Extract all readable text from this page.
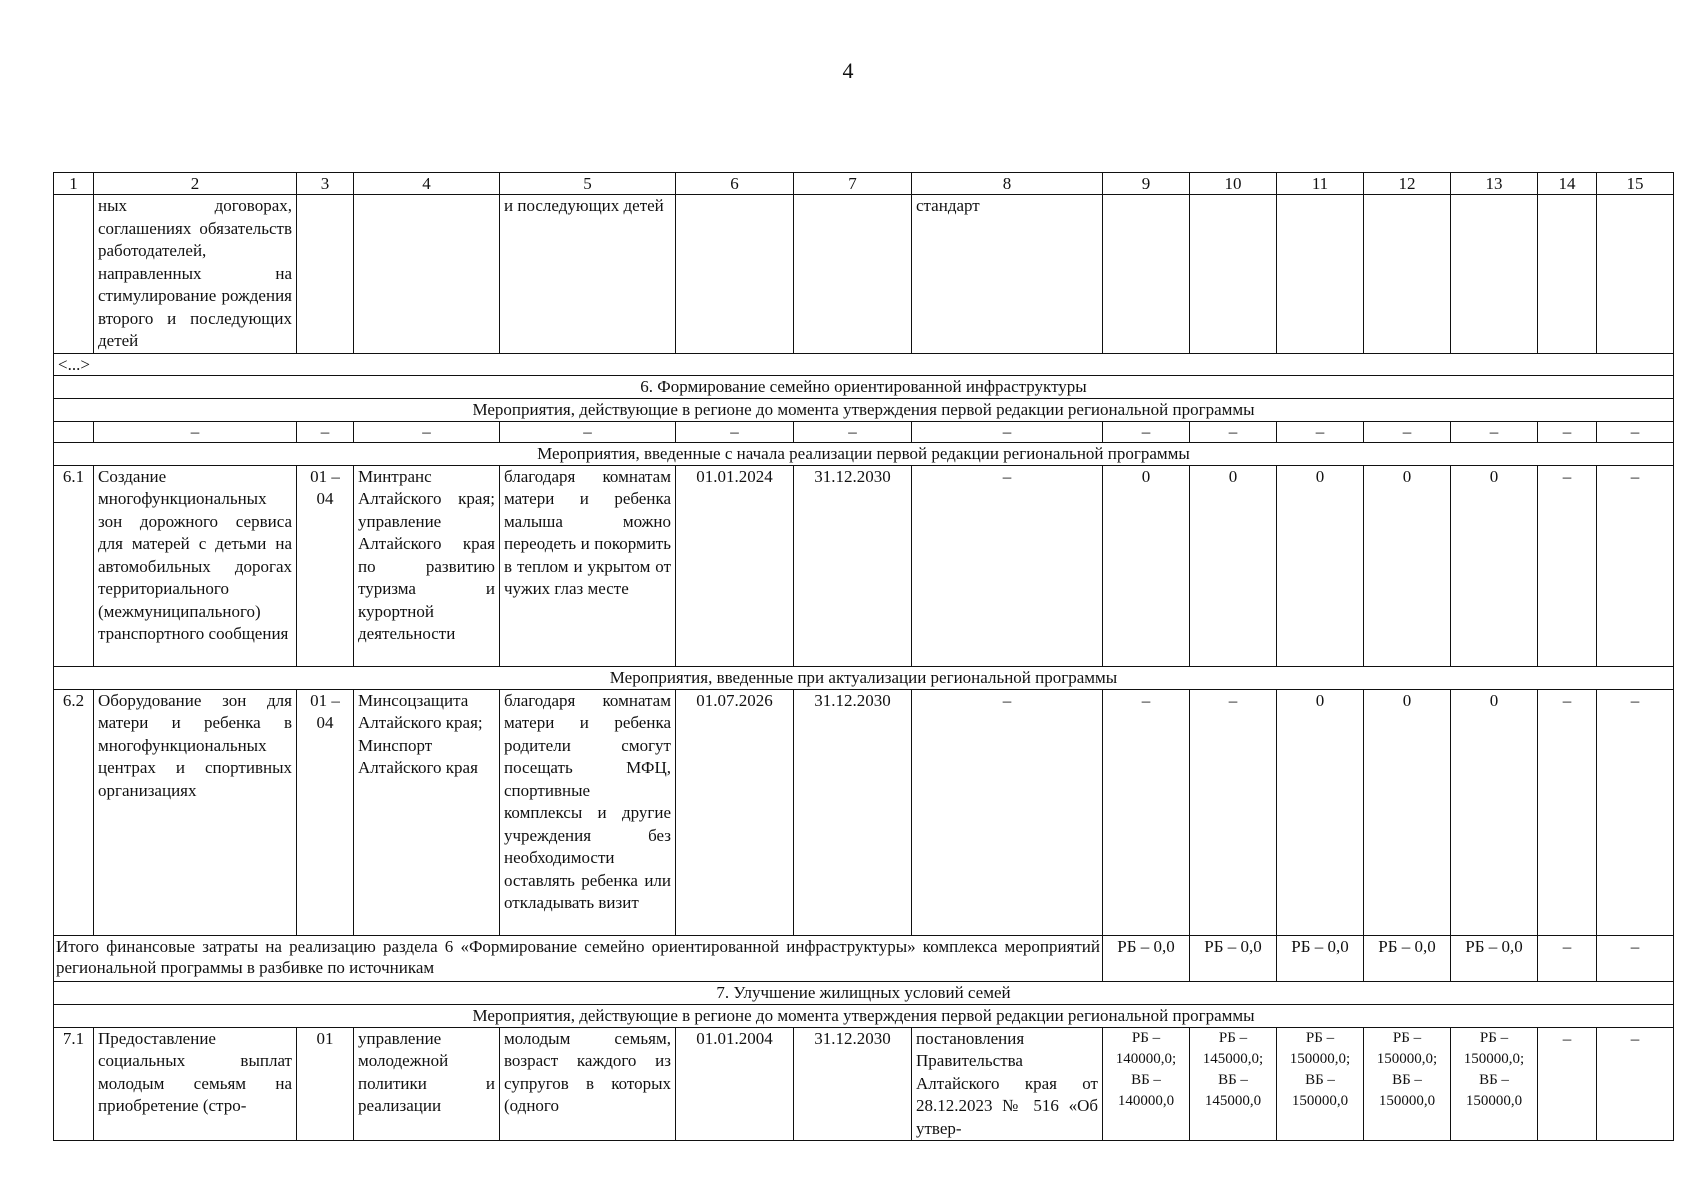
4
1	2	3	4	5	6	7	8	9	10	11	12	13	14	15
	ных договорах, соглашениях обязательств работодателей, направленных на стимулирование рождения второго и последующих детей			и последующих детей			стандарт							
<...>														
6. Формирование семейно ориентированной инфраструктуры														
Мероприятия, действующие в регионе до момента утверждения первой редакции региональной программы														
	–	–	–	–	–	–	–	–	–	–	–	–	–	–
Мероприятия, введенные с начала реализации первой редакции региональной программы														
6.1	Создание многофункциональных зон дорожного сервиса для матерей с детьми на автомобильных дорогах территориального (межмуниципального) транспортного сообщения	01 – 04	Минтранс Алтайского края; управление Алтайского края по развитию туризма и курортной деятельности	благодаря комнатам матери и ребенка малыша можно переодеть и покормить в теплом и укрытом от чужих глаз месте	01.01.2024	31.12.2030	–	0	0	0	0	0	–	–
Мероприятия, введенные при актуализации региональной программы														
6.2	Оборудование зон для матери и ребенка в многофункциональных центрах и спортивных организациях	01 – 04	Минсоцзащита Алтайского края; Минспорт Алтайского края	благодаря комнатам матери и ребенка родители смогут посещать МФЦ, спортивные комплексы и другие учреждения без необходимости оставлять ребенка или откладывать визит	01.07.2026	31.12.2030	–	–	–	0	0	0	–	–
Итого финансовые затраты на реализацию раздела 6 «Формирование семейно ориентированной инфраструктуры» комплекса мероприятий региональной программы в разбивке по источникам								РБ – 0,0	РБ – 0,0	РБ – 0,0	РБ – 0,0	РБ – 0,0	–	–
7. Улучшение жилищных условий семей														
Мероприятия, действующие в регионе до момента утверждения первой редакции региональной программы														
7.1	Предоставление социальных выплат молодым семьям на приобретение (стро-	01	управление молодежной политики и реализации	молодым семьям, возраст каждого из супругов в которых (одного	01.01.2004	31.12.2030	постановления Правительства Алтайского края от 28.12.2023 № 516 «Об утвер-	РБ – 140000,0; ВБ – 140000,0	РБ – 145000,0; ВБ – 145000,0	РБ – 150000,0; ВБ – 150000,0	РБ – 150000,0; ВБ – 150000,0	РБ – 150000,0; ВБ – 150000,0	–	–
